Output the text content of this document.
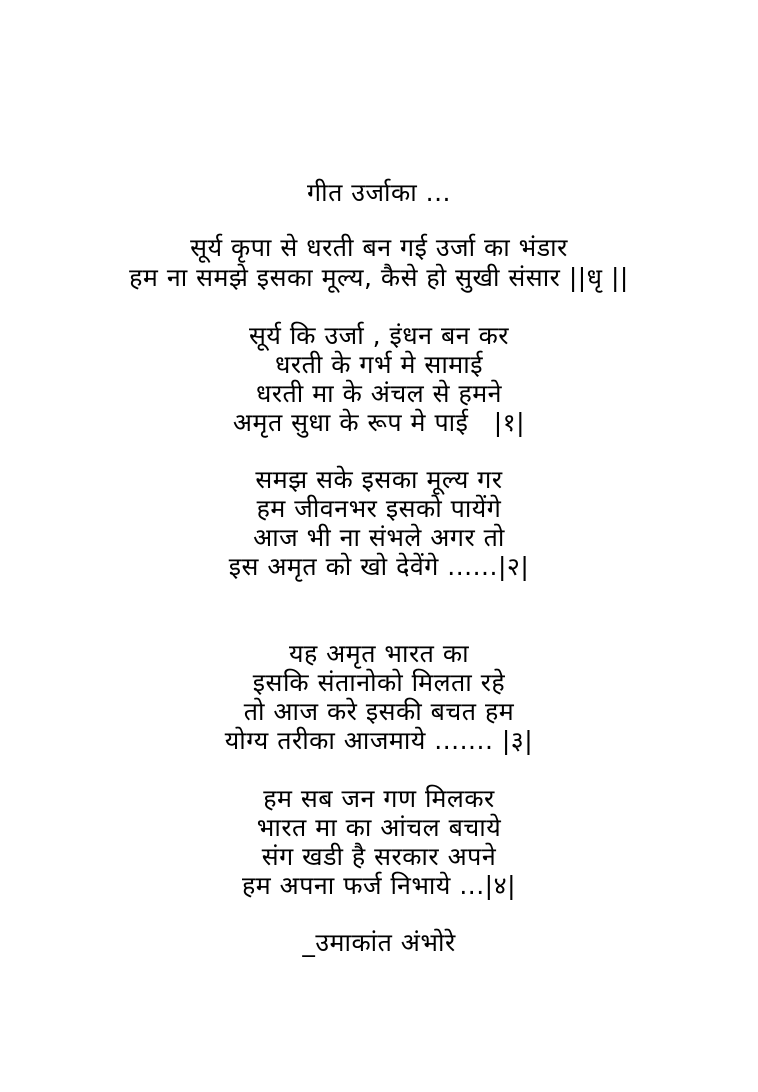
गीत उर्जाका ...
सूर्य कृपा से धरती बन गई उर्जा का भंडार
हम ना समझे इसका मूल्य, कैसे हो सुखी संसार ||धृ ||
सूर्य कि उर्जा , इंधन बन कर
धरती के गर्भ मे सामाई
धरती मा के अंचल से हमने
अमृत सुधा के रूप मे पाई   |१|
समझ सके इसका मूल्य गर
हम जीवनभर इसको पायेंगे
आज भी ना संभले अगर तो
इस अमृत को खो देवेंगे ......|२|
यह अमृत भारत का
इसकि संतानोको मिलता रहे
तो आज करे इसकी बचत हम
योग्य तरीका आजमाये ....... |३|
हम सब जन गण मिलकर
भारत मा का आंचल बचाये
संग खडी है सरकार अपने
हम अपना फर्ज निभाये ...|४|
_उमाकांत अंभोरे
